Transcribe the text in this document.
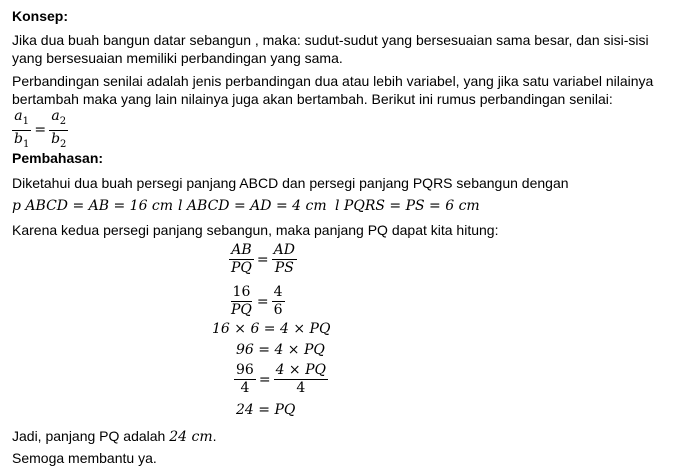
Konsep:
Jika dua buah bangun datar sebangun , maka: sudut-sudut yang bersesuaian sama besar, dan sisi-sisi
yang bersesuaian memiliki perbandingan yang sama.
Perbandingan senilai adalah jenis perbandingan dua atau lebih variabel, yang jika satu variabel nilainya
bertambah maka yang lain nilainya juga akan bertambah. Berikut ini rumus perbandingan senilai:
$\frac{a_1}{b_1} = \frac{a_2}{b_2}$
Pembahasan:
Diketahui dua buah persegi panjang ABCD dan persegi panjang PQRS sebangun dengan
p ABCD = AB = 16 cm l ABCD = AD = 4 cm l PQRS = PS = 6 cm
Karena kedua persegi panjang sebangun, maka panjang PQ dapat kita hitung:
$\frac{AB}{PQ} = \frac{AD}{PS}$
$\frac{16}{PQ} = \frac{4}{6}$
16 × 6 = 4 × PQ
96 = 4 × PQ
$\frac{96}{4} = \frac{4 \times PQ}{4}$
24 = PQ
Jadi, panjang PQ adalah 24 cm.
Semoga membantu ya.
